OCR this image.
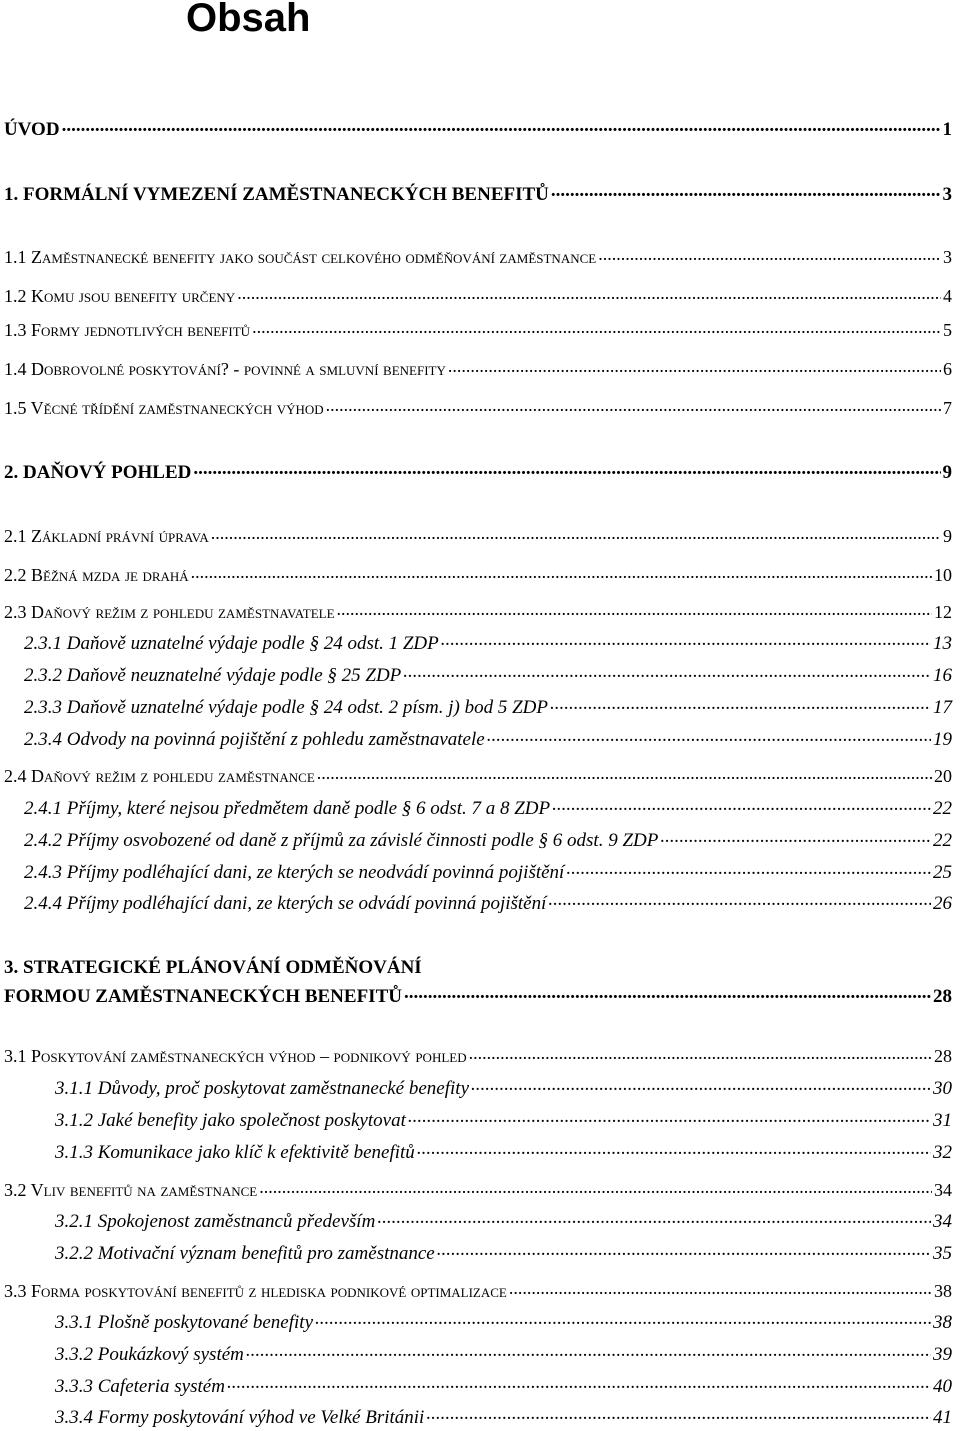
Obsah
ÚVOD .....	1
1. FORMÁLNÍ VYMEZENÍ ZAMĚSTNANECKÝCH BENEFITŮ .....	3
1.1 Zaměstnanecké benefity jako součást celkového odměňování zaměstnance .....	3
1.2 Komu jsou benefity určeny .....	4
1.3 Formy jednotlivých benefitů .....	5
1.4 Dobrovolné poskytování? - povinné a smluvní benefity .....	6
1.5 Věcné třídění zaměstnaneckých výhod .....	7
2. DAŇOVÝ POHLED .....	9
2.1 Základní právní úprava .....	9
2.2 Běžná mzda je drahá .....	10
2.3 Daňový režim z pohledu zaměstnavatele .....	12
2.3.1 Daňově uznatelné výdaje podle § 24 odst. 1 ZDP .....	13
2.3.2 Daňově neuznatelné výdaje podle § 25 ZDP .....	16
2.3.3 Daňově uznatelné výdaje podle § 24 odst. 2 písm. j) bod 5 ZDP .....	17
2.3.4 Odvody na povinná pojištění z pohledu zaměstnavatele .....	19
2.4 Daňový režim z pohledu zaměstnance .....	20
2.4.1 Příjmy, které nejsou předmětem daně podle § 6 odst. 7 a 8 ZDP .....	22
2.4.2 Příjmy osvobozené od daně z příjmů za závislé činnosti podle § 6 odst. 9 ZDP .....	22
2.4.3 Příjmy podléhající dani, ze kterých se neodvádí povinná pojištění .....	25
2.4.4 Příjmy podléhající dani, ze kterých se odvádí povinná pojištění .....	26
3. STRATEGICKÉ PLÁNOVÁNÍ ODMĚŇOVÁNÍ
FORMOU ZAMĚSTNANECKÝCH BENEFITŮ .....	28
3.1 Poskytování zaměstnaneckých výhod – podnikový pohled .....	28
3.1.1 Důvody, proč poskytovat zaměstnanecké benefity .....	30
3.1.2 Jaké benefity jako společnost poskytovat .....	31
3.1.3 Komunikace jako klíč k efektivitě benefitů .....	32
3.2 Vliv benefitů na zaměstnance .....	34
3.2.1 Spokojenost zaměstnanců především .....	34
3.2.2 Motivační význam benefitů pro zaměstnance .....	35
3.3 Forma poskytování benefitů z hlediska podnikové optimalizace .....	38
3.3.1 Plošně poskytované benefity .....	38
3.3.2 Poukázkový systém .....	39
3.3.3 Cafeteria systém .....	40
3.3.4 Formy poskytování výhod ve Velké Británii .....	41
